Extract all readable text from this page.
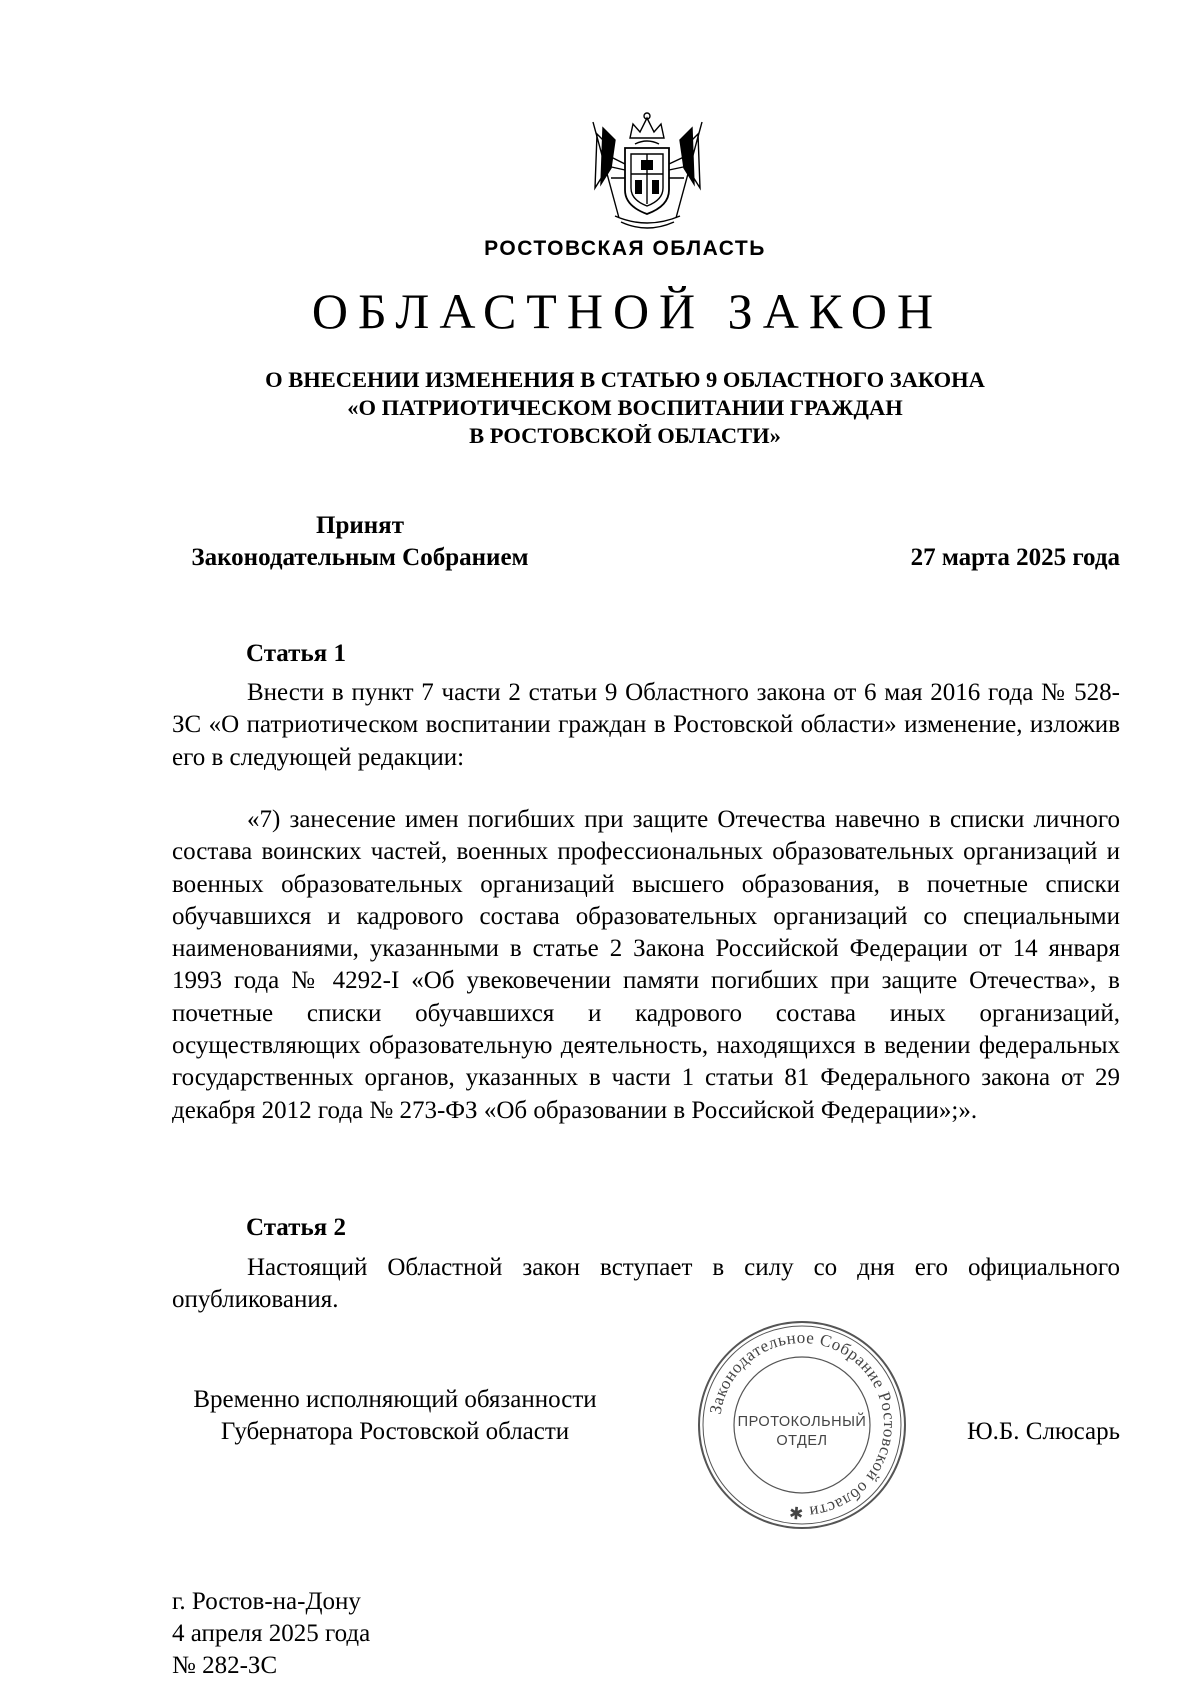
РОСТОВСКАЯ ОБЛАСТЬ
ОБЛАСТНОЙ ЗАКОН
О ВНЕСЕНИИ ИЗМЕНЕНИЯ В СТАТЬЮ 9 ОБЛАСТНОГО ЗАКОНА
«О ПАТРИОТИЧЕСКОМ ВОСПИТАНИИ ГРАЖДАН
В РОСТОВСКОЙ ОБЛАСТИ»
Принят
Законодательным Собранием	27 марта 2025 года
Статья 1
Внести в пункт 7 части 2 статьи 9 Областного закона от 6 мая 2016 года № 528-ЗС «О патриотическом воспитании граждан в Ростовской области» изменение, изложив его в следующей редакции:
«7) занесение имен погибших при защите Отечества навечно в списки личного состава воинских частей, военных профессиональных образовательных организаций и военных образовательных организаций высшего образования, в почетные списки обучавшихся и кадрового состава образовательных организаций со специальными наименованиями, указанными в статье 2 Закона Российской Федерации от 14 января 1993 года № 4292-I «Об увековечении памяти погибших при защите Отечества», в почетные списки обучавшихся и кадрового состава иных организаций, осуществляющих образовательную деятельность, находящихся в ведении федеральных государственных органов, указанных в части 1 статьи 81 Федерального закона от 29 декабря 2012 года № 273-ФЗ «Об образовании в Российской Федерации»;».
Статья 2
Настоящий Областной закон вступает в силу со дня его официального опубликования.
Временно исполняющий обязанности
Губернатора Ростовской области
Законодательное Собрание Ростовской области ✱
ПРОТОКОЛЬНЫЙ
ОТДЕЛ	Ю.Б. Слюсарь
г. Ростов-на-Дону
4 апреля 2025 года
№ 282-ЗС
